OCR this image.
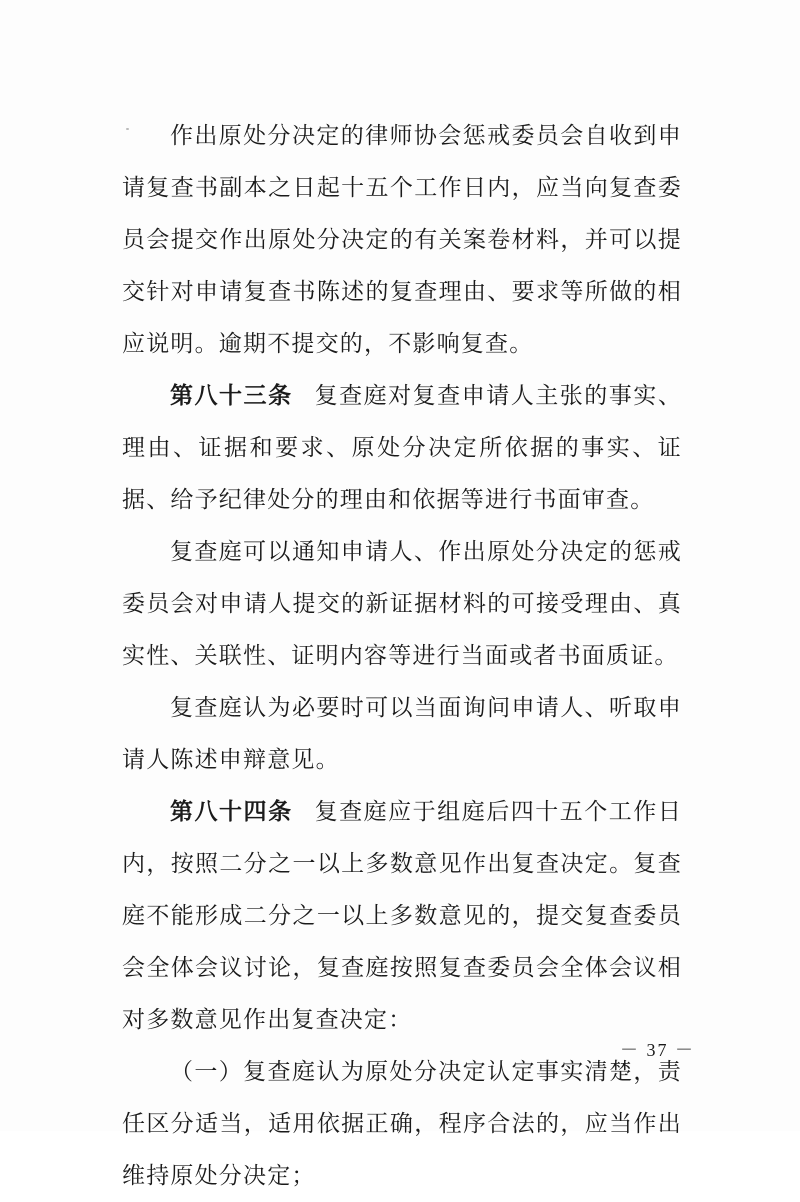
作出原处分决定的律师协会惩戒委员会自收到申请复查书副本之日起十五个工作日内，应当向复查委员会提交作出原处分决定的有关案卷材料，并可以提交针对申请复查书陈述的复查理由、要求等所做的相应说明。逾期不提交的，不影响复查。

第八十三条 复查庭对复查申请人主张的事实、理由、证据和要求、原处分决定所依据的事实、证据、给予纪律处分的理由和依据等进行书面审查。

复查庭可以通知申请人、作出原处分决定的惩戒委员会对申请人提交的新证据材料的可接受理由、真实性、关联性、证明内容等进行当面或者书面质证。

复查庭认为必要时可以当面询问申请人、听取申请人陈述申辩意见。

第八十四条 复查庭应于组庭后四十五个工作日内，按照二分之一以上多数意见作出复查决定。复查庭不能形成二分之一以上多数意见的，提交复查委员会全体会议讨论，复查庭按照复查委员会全体会议相对多数意见作出复查决定：

（一）复查庭认为原处分决定认定事实清楚，责任区分适当，适用依据正确，程序合法的，应当作出维持原处分决定；

－ 37 －
